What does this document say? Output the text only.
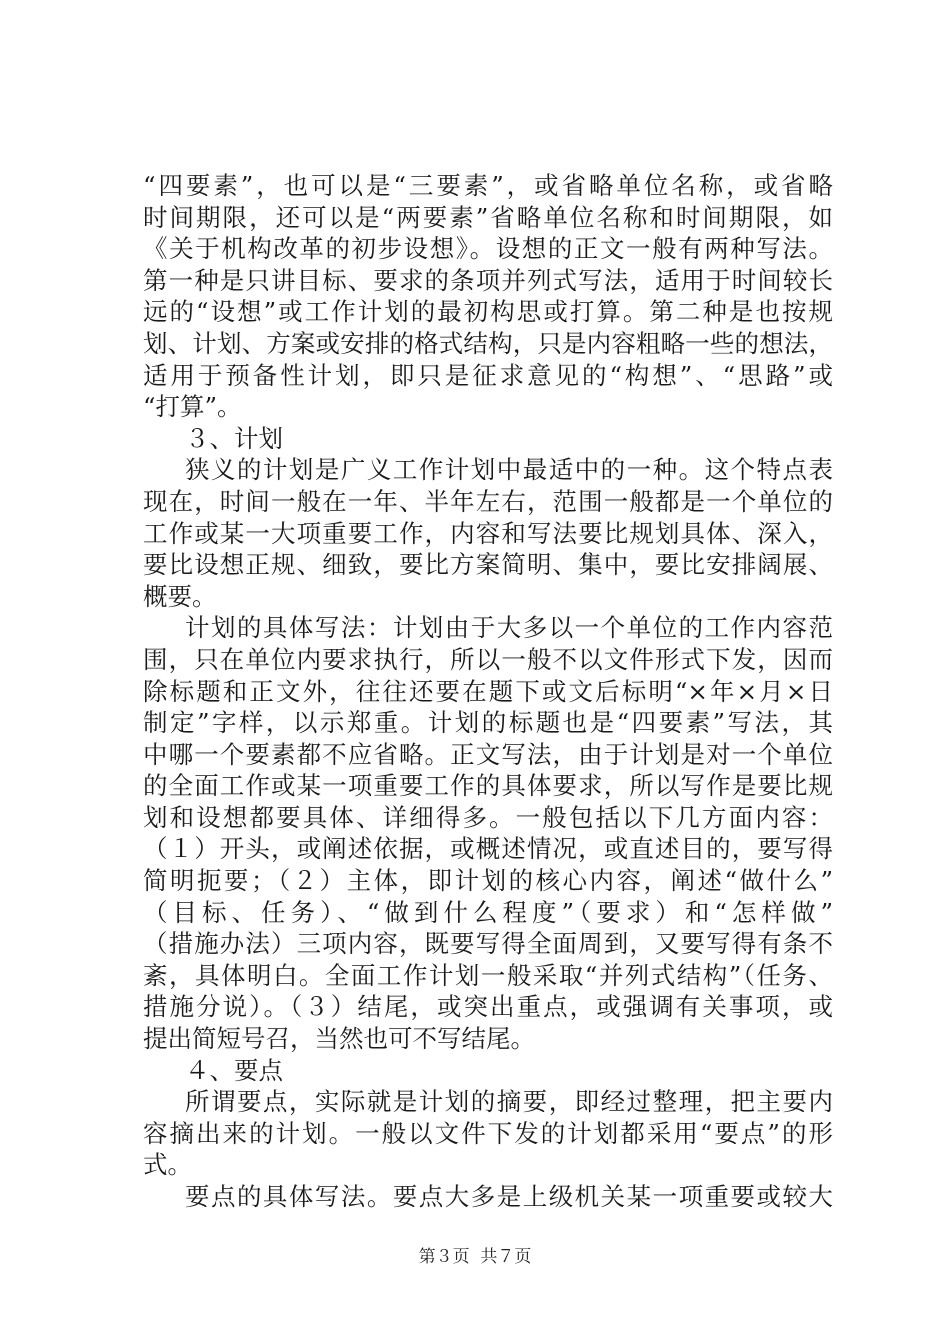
“四要素”，也可以是“三要素”，或省略单位名称，或省略
时间期限，还可以是“两要素”省略单位名称和时间期限，如
《关于机构改革的初步设想》。设想的正文一般有两种写法。
第一种是只讲目标、要求的条项并列式写法，适用于时间较长
远的“设想”或工作计划的最初构思或打算。第二种是也按规
划、计划、方案或安排的格式结构，只是内容粗略一些的想法，
适用于预备性计划，即只是征求意见的“构想”、“思路”或
“打算”。
３、计划
狭义的计划是广义工作计划中最适中的一种。这个特点表
现在，时间一般在一年、半年左右，范围一般都是一个单位的
工作或某一大项重要工作，内容和写法要比规划具体、深入，
要比设想正规、细致，要比方案简明、集中，要比安排阔展、
概要。
计划的具体写法：计划由于大多以一个单位的工作内容范
围，只在单位内要求执行，所以一般不以文件形式下发，因而
除标题和正文外，往往还要在题下或文后标明“×年×月×日
制定”字样，以示郑重。计划的标题也是“四要素”写法，其
中哪一个要素都不应省略。正文写法，由于计划是对一个单位
的全面工作或某一项重要工作的具体要求，所以写作是要比规
划和设想都要具体、详细得多。一般包括以下几方面内容：
（１）开头，或阐述依据，或概述情况，或直述目的，要写得
简明扼要；（２）主体，即计划的核心内容，阐述“做什么”
（目标、任务）、“做到什么程度”（要求）和“怎样做”
（措施办法）三项内容，既要写得全面周到，又要写得有条不
紊，具体明白。全面工作计划一般采取“并列式结构”（任务、
措施分说）。（３）结尾，或突出重点，或强调有关事项，或
提出简短号召，当然也可不写结尾。
４、要点
所谓要点，实际就是计划的摘要，即经过整理，把主要内
容摘出来的计划。一般以文件下发的计划都采用“要点”的形
式。
要点的具体写法。要点大多是上级机关某一项重要或较大
第３页  共７页
